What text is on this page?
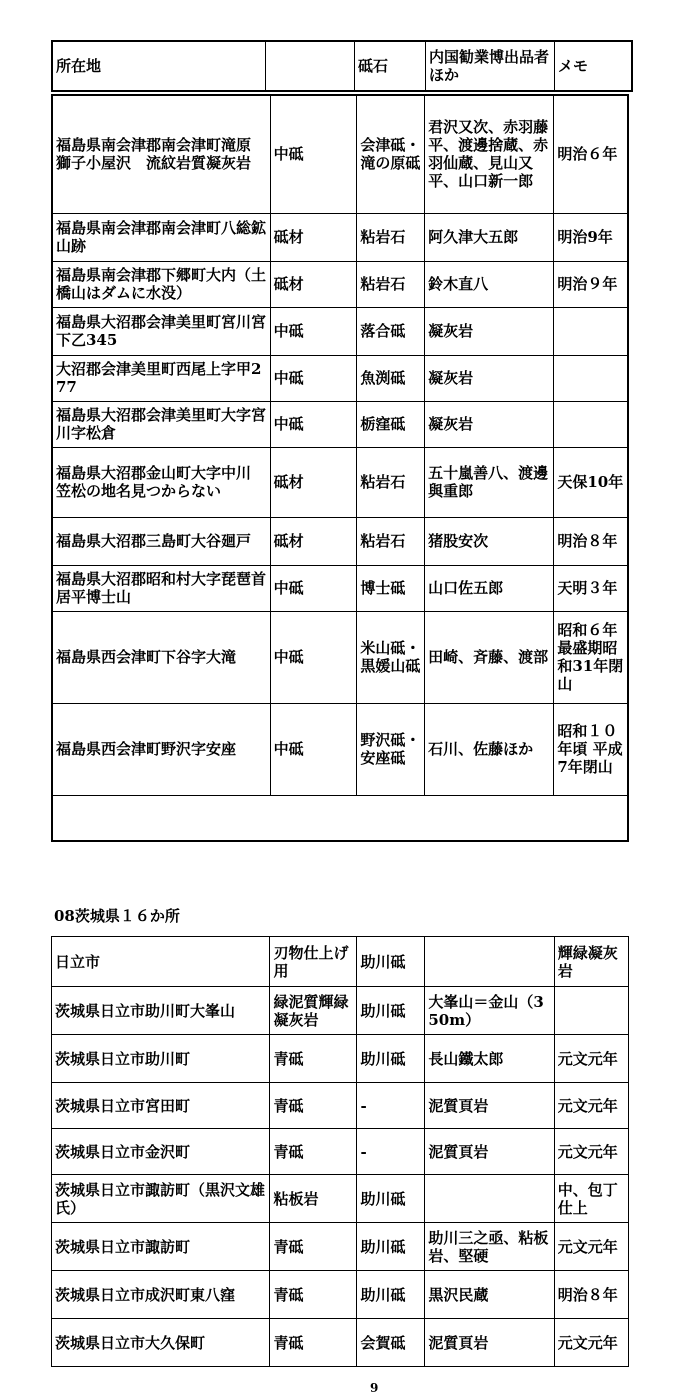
所在地		砥石	内国勧業博出品者ほか	メモ
福島県南会津郡南会津町滝原　獅子小屋沢　流紋岩質凝灰岩	中砥	会津砥・滝の原砥	君沢又次、赤羽藤平、渡邊捨蔵、赤羽仙蔵、見山又平、山口新一郎	明治６年
福島県南会津郡南会津町八総鉱山跡	砥材	粘岩石	阿久津大五郎	明治9年
福島県南会津郡下郷町大内（土橋山はダムに水没）	砥材	粘岩石	鈴木直八	明治９年
福島県大沼郡会津美里町宮川宮下乙345	中砥	落合砥	凝灰岩	
大沼郡会津美里町西尾上字甲277	中砥	魚渕砥	凝灰岩	
福島県大沼郡会津美里町大字宮川字松倉	中砥	栃窪砥	凝灰岩	
福島県大沼郡金山町大字中川　笠松の地名見つからない	砥材	粘岩石	五十嵐善八、渡邊與重郎	天保10年
福島県大沼郡三島町大谷廻戸	砥材	粘岩石	猪股安次	明治８年
福島県大沼郡昭和村大字琵琶首居平博士山	中砥	博士砥	山口佐五郎	天明３年
福島県西会津町下谷字大滝	中砥	米山砥・黒媛山砥	田崎、斉藤、渡部	昭和６年最盛期昭和31年閉山
福島県西会津町野沢字安座	中砥	野沢砥・安座砥	石川、佐藤ほか	昭和１０年頃 平成7年閉山

08茨城県１６か所
日立市	刃物仕上げ用	助川砥		輝緑凝灰岩
茨城県日立市助川町大峯山	緑泥質輝緑凝灰岩	助川砥	大峯山＝金山（350m）	
茨城県日立市助川町	青砥	助川砥	長山鐵太郎	元文元年
茨城県日立市宮田町	青砥	-	泥質頁岩	元文元年
茨城県日立市金沢町	青砥	-	泥質頁岩	元文元年
茨城県日立市諏訪町（黒沢文雄氏）	粘板岩	助川砥		中、包丁仕上
茨城県日立市諏訪町	青砥	助川砥	助川三之亟、粘板岩、堅硬	元文元年
茨城県日立市成沢町東八窪	青砥	助川砥	黒沢民蔵	明治８年
茨城県日立市大久保町	青砥	会賀砥	泥質頁岩	元文元年
9
